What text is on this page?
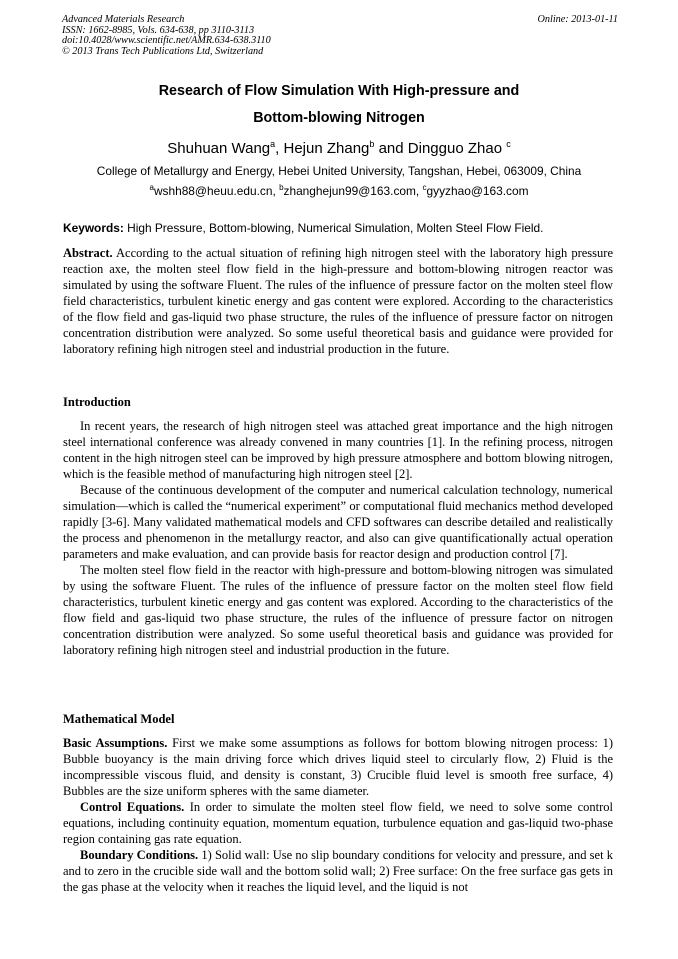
Advanced Materials Research
ISSN: 1662-8985, Vols. 634-638, pp 3110-3113
doi:10.4028/www.scientific.net/AMR.634-638.3110
© 2013 Trans Tech Publications Ltd, Switzerland
Online: 2013-01-11
Research of Flow Simulation With High-pressure and
Bottom-blowing Nitrogen
Shuhuan Wang$^a$, Hejun Zhang$^b$ and Dingguo Zhao $^c$
College of Metallurgy and Energy, Hebei United University, Tangshan, Hebei, 063009, China
$^a$wshh88@heuu.edu.cn, $^b$zhanghejun99@163.com, $^c$gyyzhao@163.com
Keywords: High Pressure, Bottom-blowing, Numerical Simulation, Molten Steel Flow Field.

Abstract. According to the actual situation of refining high nitrogen steel with the laboratory high pressure reaction axe, the molten steel flow field in the high-pressure and bottom-blowing nitrogen reactor was simulated by using the software Fluent. The rules of the influence of pressure factor on the molten steel flow field characteristics, turbulent kinetic energy and gas content were explored. According to the characteristics of the flow field and gas-liquid two phase structure, the rules of the influence of pressure factor on nitrogen concentration distribution were analyzed. So some useful theoretical basis and guidance were provided for laboratory refining high nitrogen steel and industrial production in the future.

Introduction

In recent years, the research of high nitrogen steel was attached great importance and the high nitrogen steel international conference was already convened in many countries [1]. In the refining process, nitrogen content in the high nitrogen steel can be improved by high pressure atmosphere and bottom blowing nitrogen, which is the feasible method of manufacturing high nitrogen steel [2].

Because of the continuous development of the computer and numerical calculation technology, numerical simulation—which is called the “numerical experiment” or computational fluid mechanics method developed rapidly [3-6]. Many validated mathematical models and CFD softwares can describe detailed and realistically the process and phenomenon in the metallurgy reactor, and also can give quantificationally actual operation parameters and make evaluation, and can provide basis for reactor design and production control [7].

The molten steel flow field in the reactor with high-pressure and bottom-blowing nitrogen was simulated by using the software Fluent. The rules of the influence of pressure factor on the molten steel flow field characteristics, turbulent kinetic energy and gas content was explored. According to the characteristics of the flow field and gas-liquid two phase structure, the rules of the influence of pressure factor on nitrogen concentration distribution were analyzed. So some useful theoretical basis and guidance was provided for laboratory refining high nitrogen steel and industrial production in the future.

Mathematical Model

Basic Assumptions. First we make some assumptions as follows for bottom blowing nitrogen process: 1) Bubble buoyancy is the main driving force which drives liquid steel to circularly flow, 2) Fluid is the incompressible viscous fluid, and density is constant, 3) Crucible fluid level is smooth free surface, 4) Bubbles are the size uniform spheres with the same diameter.

Control Equations. In order to simulate the molten steel flow field, we need to solve some control equations, including continuity equation, momentum equation, turbulence equation and gas-liquid two-phase region containing gas rate equation.

Boundary Conditions. 1) Solid wall: Use no slip boundary conditions for velocity and pressure, and set k and to zero in the crucible side wall and the bottom solid wall; 2) Free surface: On the free surface gas gets in the gas phase at the velocity when it reaches the liquid level, and the liquid is not
